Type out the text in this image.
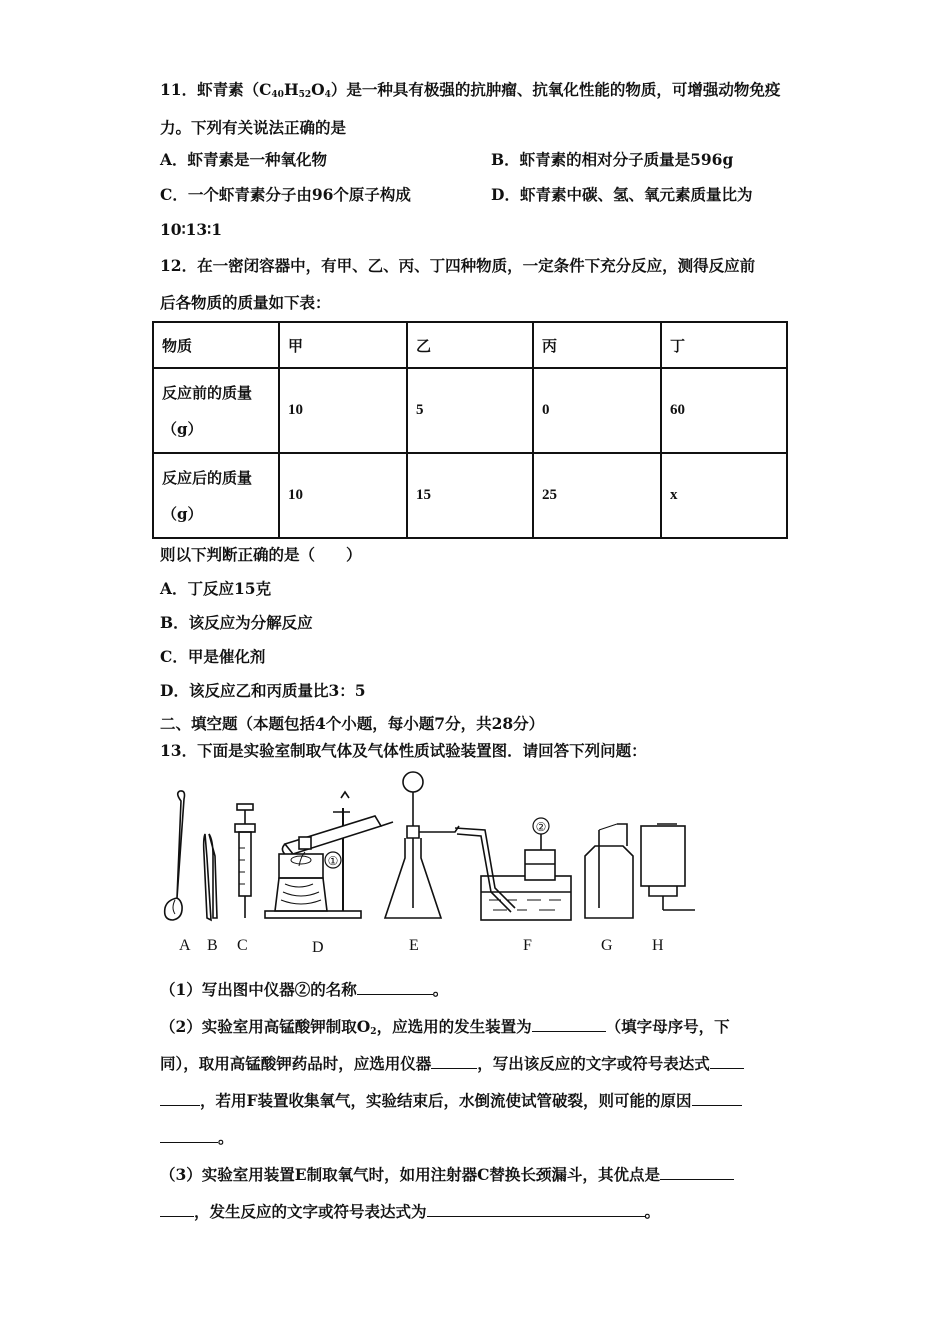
11．虾青素$(C_{40}H_{52}O_4)$是一种具有极强的抗肿瘤、抗氧化性能的物质，可增强动物免疫
力。下列有关说法正确的是
A．虾青素是一种氧化物	B．虾青素的相对分子质量是596g
C．一个虾青素分子由96个原子构成	D．虾青素中碳、氢、氧元素质量比为
10∶13∶1
12．在一密闭容器中，有甲、乙、丙、丁四种物质，一定条件下充分反应，测得反应前
后各物质的质量如下表：
物质	甲	乙	丙	丁

反应前的质量
（g）	10	5	0	60

反应后的质量
（g）	10	15	25	x
则以下判断正确的是（　　）
A．丁反应15克
B．该反应为分解反应
C．甲是催化剂
D．该反应乙和丙质量比3：5
二、填空题（本题包括4个小题，每小题7分，共28分）
13．下面是实验室制取气体及气体性质试验装置图．请回答下列问题：
①
②
A B C	D	E	F	G H
（1）写出图中仪器②的名称	。
（2）实验室用高锰酸钾制取$O_2$，应选用的发生装置为	（填字母序号，下
同），取用高锰酸钾药品时，应选用仪器	，写出该反应的文字或符号表达式
，若用F装置收集氧气，实验结束后，水倒流使试管破裂，则可能的原因
。
（3）实验室用装置E制取氧气时，如用注射器C替换长颈漏斗，其优点是
，发生反应的文字或符号表达式为	。
